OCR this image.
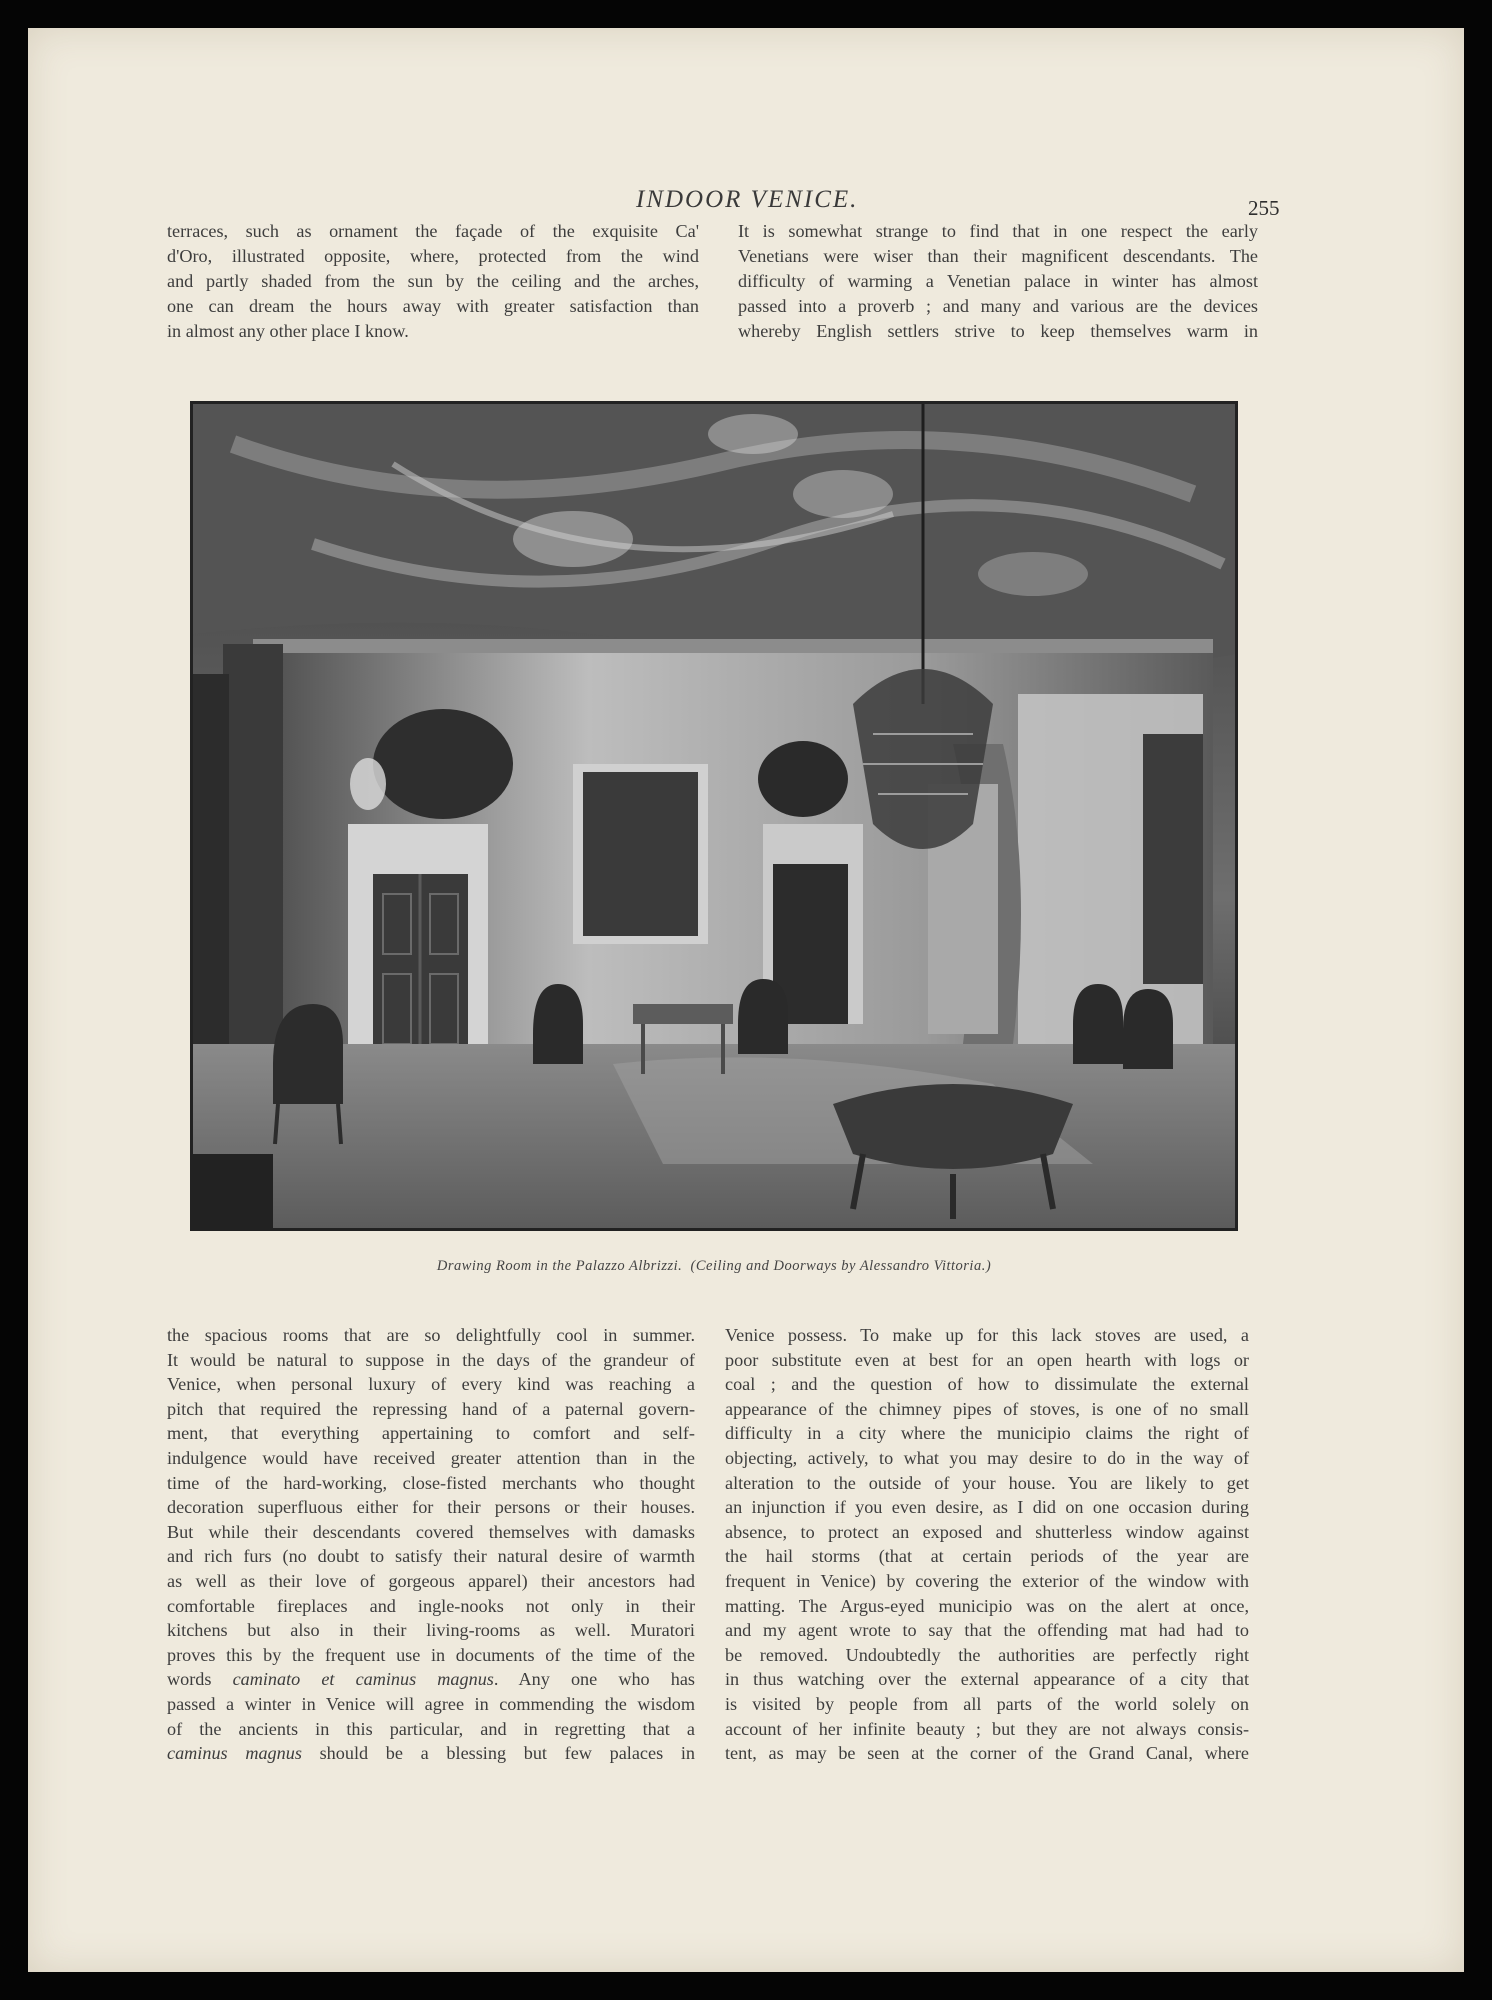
INDOOR VENICE.	255
terraces, such as ornament the façade of the exquisite Ca'
d'Oro, illustrated opposite, where, protected from the wind
and partly shaded from the sun by the ceiling and the arches,
one can dream the hours away with greater satisfaction than
in almost any other place I know.
It is somewhat strange to find that in one respect the early
Venetians were wiser than their magnificent descendants. The
difficulty of warming a Venetian palace in winter has almost
passed into a proverb ; and many and various are the devices
whereby English settlers strive to keep themselves warm in
Drawing Room in the Palazzo Albrizzi. (Ceiling and Doorways by Alessandro Vittoria.)
the spacious rooms that are so delightfully cool in summer.
It would be natural to suppose in the days of the grandeur of
Venice, when personal luxury of every kind was reaching a
pitch that required the repressing hand of a paternal govern-
ment, that everything appertaining to comfort and self-
indulgence would have received greater attention than in the
time of the hard-working, close-fisted merchants who thought
decoration superfluous either for their persons or their houses.
But while their descendants covered themselves with damasks
and rich furs (no doubt to satisfy their natural desire of warmth
as well as their love of gorgeous apparel) their ancestors had
comfortable fireplaces and ingle-nooks not only in their
kitchens but also in their living-rooms as well. Muratori
proves this by the frequent use in documents of the time of the
words caminato et caminus magnus. Any one who has
passed a winter in Venice will agree in commending the wisdom
of the ancients in this particular, and in regretting that a
caminus magnus should be a blessing but few palaces in
Venice possess. To make up for this lack stoves are used, a
poor substitute even at best for an open hearth with logs or
coal ; and the question of how to dissimulate the external
appearance of the chimney pipes of stoves, is one of no small
difficulty in a city where the municipio claims the right of
objecting, actively, to what you may desire to do in the way of
alteration to the outside of your house. You are likely to get
an injunction if you even desire, as I did on one occasion during
absence, to protect an exposed and shutterless window against
the hail storms (that at certain periods of the year are
frequent in Venice) by covering the exterior of the window with
matting. The Argus-eyed municipio was on the alert at once,
and my agent wrote to say that the offending mat had had to
be removed. Undoubtedly the authorities are perfectly right
in thus watching over the external appearance of a city that
is visited by people from all parts of the world solely on
account of her infinite beauty ; but they are not always consis-
tent, as may be seen at the corner of the Grand Canal, where
